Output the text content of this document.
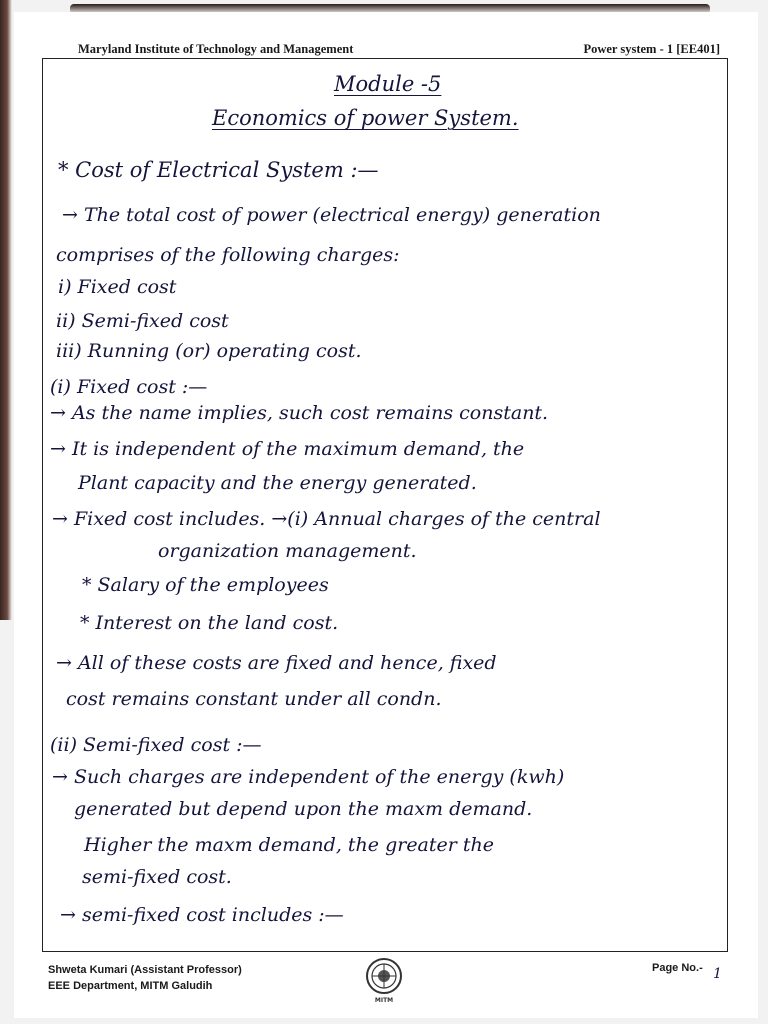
Maryland Institute of Technology and Management	Power system - 1 [EE401]
Module -5
Economics of power System.
* Cost of Electrical System :—
→ The total cost of power (electrical energy) generation
comprises of the following charges:
i) Fixed cost
ii) Semi-fixed cost
iii) Running (or) operating cost.
(i) Fixed cost :—
→ As the name implies, such cost remains constant.
→ It is independent of the maximum demand, the
Plant capacity and the energy generated.
→ Fixed cost includes. →(i) Annual charges of the central
organization management.
* Salary of the employees
* Interest on the land cost.
→ All of these costs are fixed and hence, fixed
cost remains constant under all condn.
(ii) Semi-fixed cost :—
→ Such charges are independent of the energy (kwh)
generated but depend upon the maxm demand.
Higher the maxm demand, the greater the
semi-fixed cost.
→ semi-fixed cost includes :—
Shweta Kumari (Assistant Professor)
EEE Department, MITM Galudih
MITM
Page No.- 1
